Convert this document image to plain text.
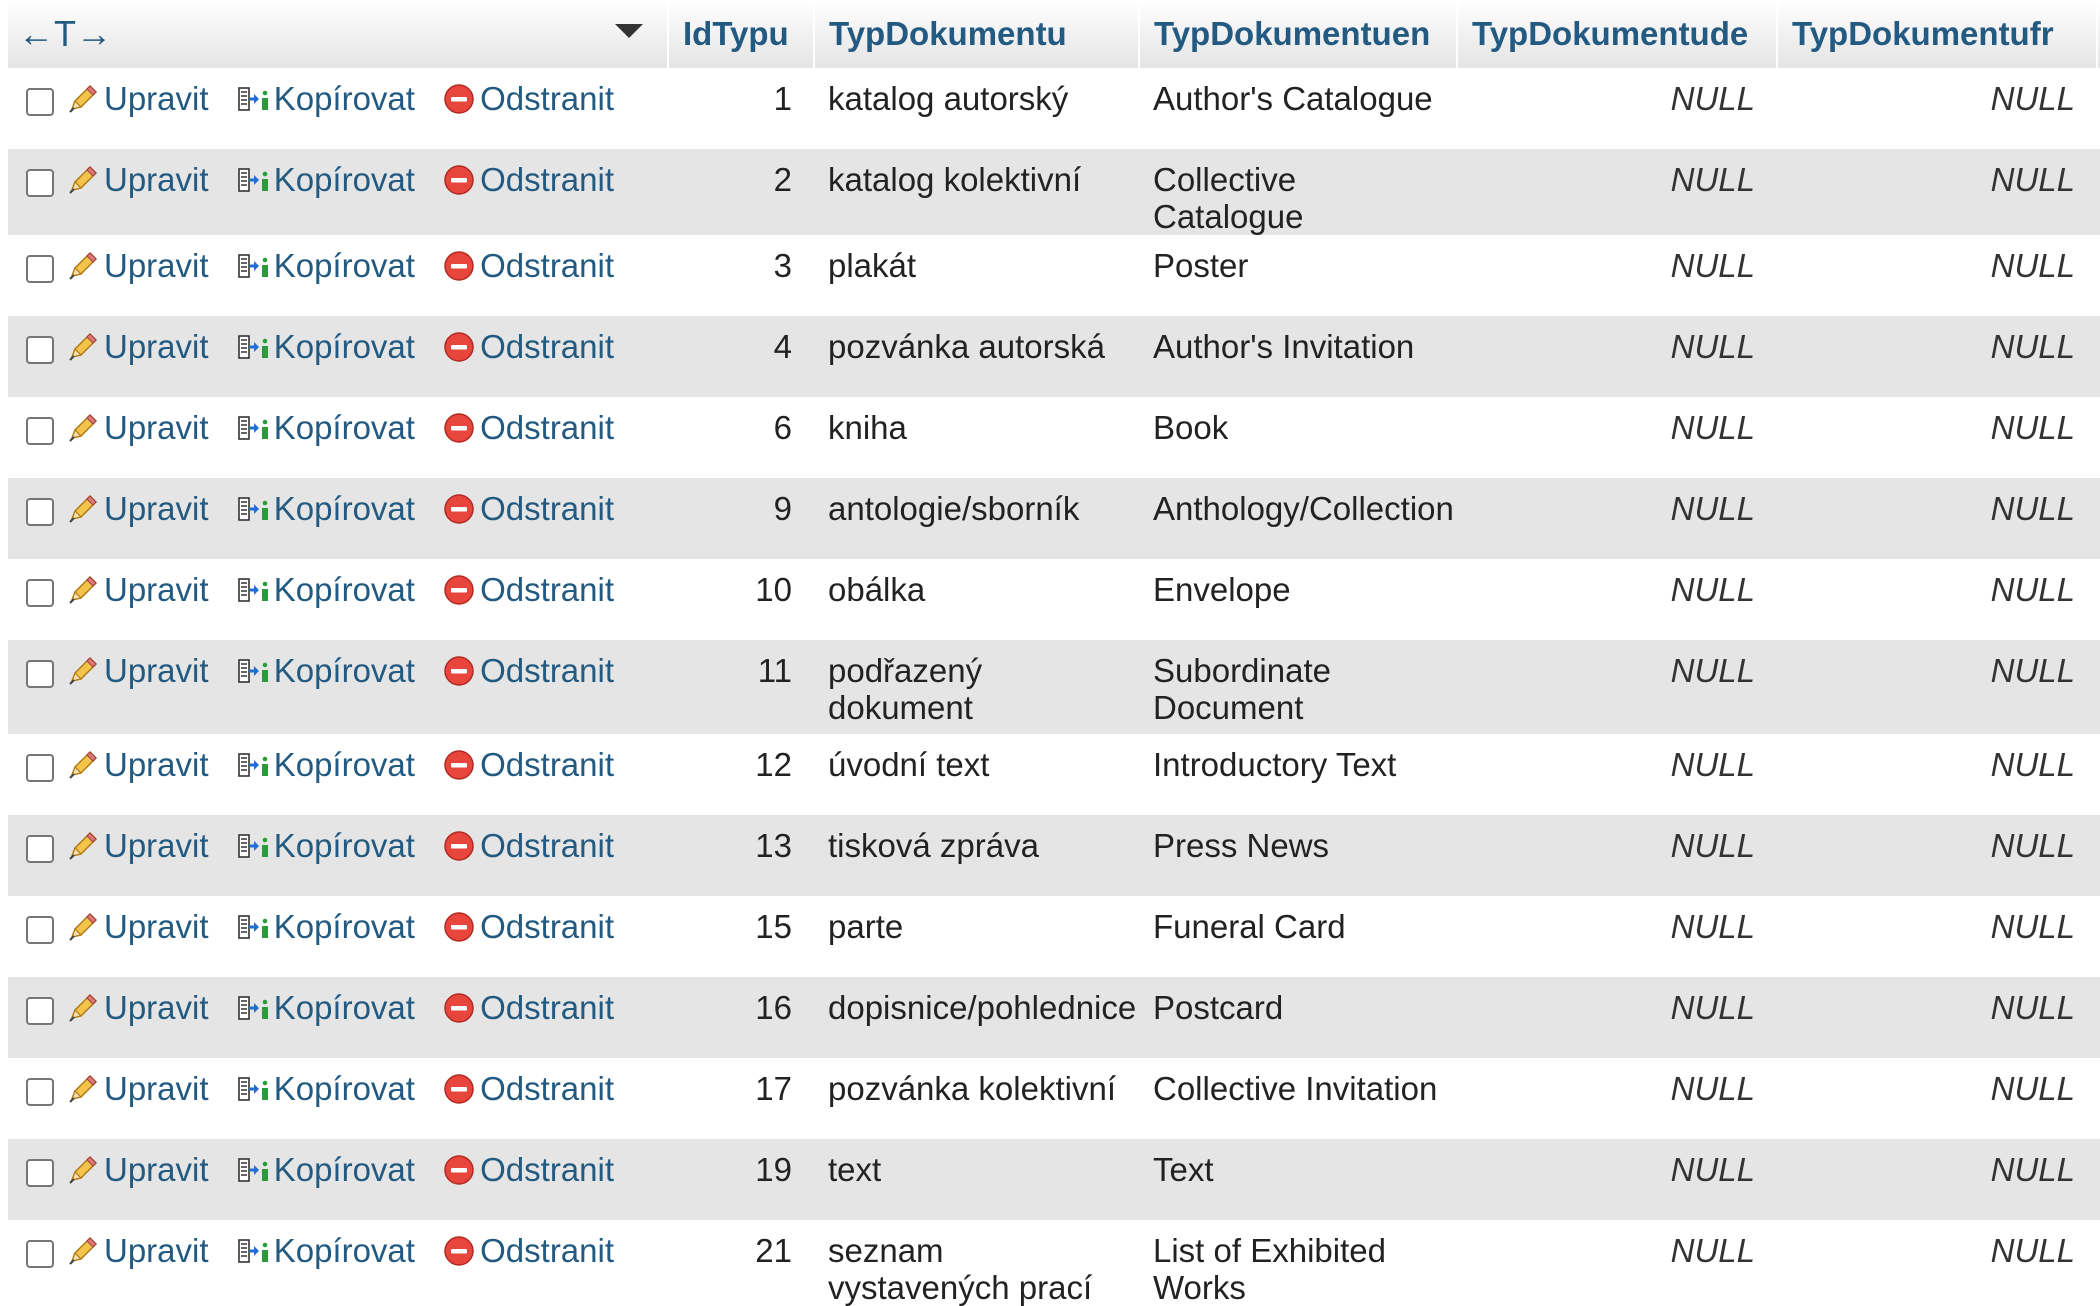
←T→		IdTypu	TypDokumentu	TypDokumentuen	TypDokumentude	TypDokumentufr	

	Upravit
Kopírovat
Odstranit	1	katalog autorský	Author's Catalogue	NULL	NULL	

	Upravit
Kopírovat
Odstranit	2	katalog kolektivní	Collective Catalogue	NULL	NULL	

	Upravit
Kopírovat
Odstranit	3	plakát	Poster	NULL	NULL	

	Upravit
Kopírovat
Odstranit	4	pozvánka autorská	Author's Invitation	NULL	NULL	

	Upravit
Kopírovat
Odstranit	6	kniha	Book	NULL	NULL	

	Upravit
Kopírovat
Odstranit	9	antologie/sborník	Anthology/Collection	NULL	NULL	

	Upravit
Kopírovat
Odstranit	10	obálka	Envelope	NULL	NULL	

	Upravit
Kopírovat
Odstranit	11	podřazený dokument	Subordinate Document	NULL	NULL	

	Upravit
Kopírovat
Odstranit	12	úvodní text	Introductory Text	NULL	NULL	

	Upravit
Kopírovat
Odstranit	13	tisková zpráva	Press News	NULL	NULL	

	Upravit
Kopírovat
Odstranit	15	parte	Funeral Card	NULL	NULL	

	Upravit
Kopírovat
Odstranit	16	dopisnice/pohlednice	Postcard	NULL	NULL	

	Upravit
Kopírovat
Odstranit	17	pozvánka kolektivní	Collective Invitation	NULL	NULL	

	Upravit
Kopírovat
Odstranit	19	text	Text	NULL	NULL	

	Upravit
Kopírovat
Odstranit	21	seznam vystavených prací	List of Exhibited Works	NULL	NULL	
